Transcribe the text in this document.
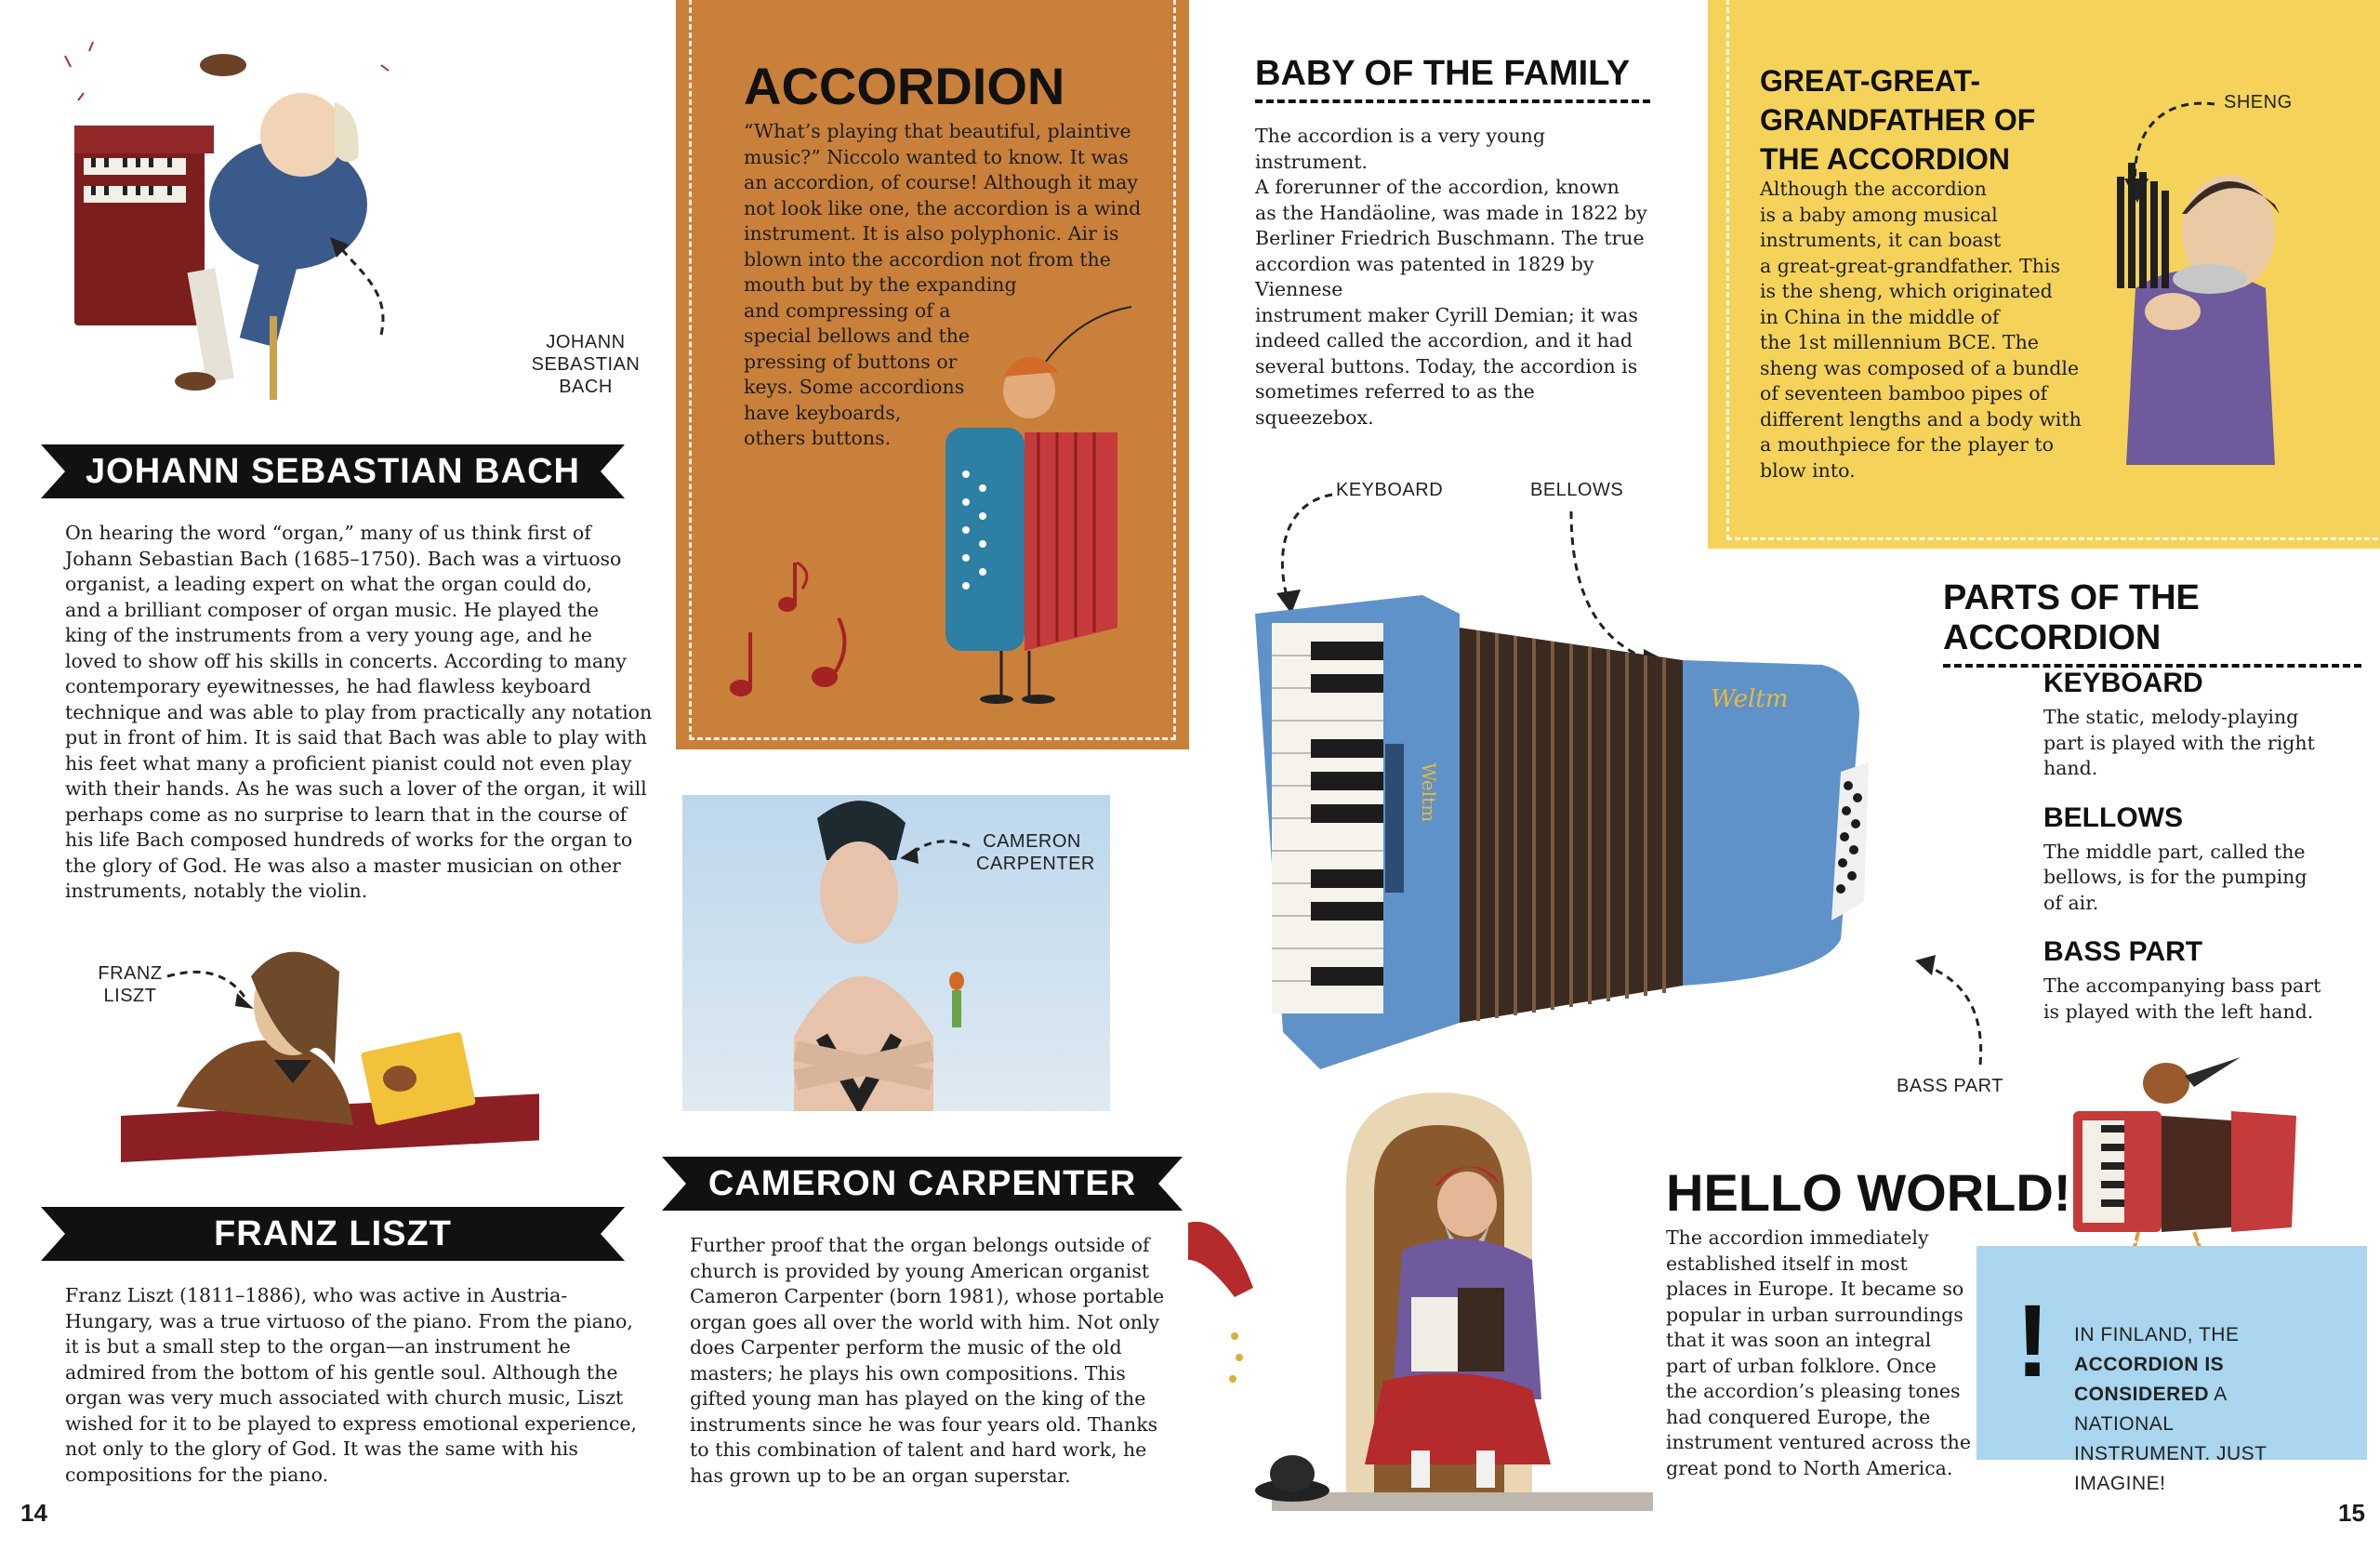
JOHANN
SEBASTIAN BACH
JOHANN SEBASTIAN BACH

On hearing the word “organ,” many of us think first of
Johann Sebastian Bach (1685–1750). Bach was a virtuoso
organist, a leading expert on what the organ could do,
and a brilliant composer of organ music. He played the
king of the instruments from a very young age, and he
loved to show off his skills in concerts. According to many
contemporary eyewitnesses, he had flawless keyboard
technique and was able to play from practically any notation
put in front of him. It is said that Bach was able to play with
his feet what many a proficient pianist could not even play
with their hands. As he was such a lover of the organ, it will
perhaps come as no surprise to learn that in the course of
his life Bach composed hundreds of works for the organ to
the glory of God. He was also a master musician on other
instruments, notably the violin.

FRANZ
LISZT
FRANZ LISZT

Franz Liszt (1811–1886), who was active in Austria-
Hungary, was a true virtuoso of the piano. From the piano,
it is but a small step to the organ—an instrument he
admired from the bottom of his gentle soul. Although the
organ was very much associated with church music, Liszt
wished for it to be played to express emotional experience,
not only to the glory of God. It was the same with his
compositions for the piano.

14
ACCORDION

“What’s playing that beautiful, plaintive
music?” Niccolo wanted to know. It was
an accordion, of course! Although it may
not look like one, the accordion is a wind
instrument. It is also polyphonic. Air is
blown into the accordion not from the
mouth but by the expanding
and compressing of a
special bellows and the
pressing of buttons or
keys. Some accordions
have keyboards,
others buttons.

CAMERON
CARPENTER
CAMERON CARPENTER

Further proof that the organ belongs outside of
church is provided by young American organist
Cameron Carpenter (born 1981), whose portable
organ goes all over the world with him. Not only
does Carpenter perform the music of the old
masters; he plays his own compositions. This
gifted young man has played on the king of the
instruments since he was four years old. Thanks
to this combination of talent and hard work, he
has grown up to be an organ superstar.

BABY OF THE FAMILY

The accordion is a very young instrument.
A forerunner of the accordion, known
as the Handäoline, was made in 1822 by
Berliner Friedrich Buschmann. The true
accordion was patented in 1829 by Viennese
instrument maker Cyrill Demian; it was
indeed called the accordion, and it had
several buttons. Today, the accordion is
sometimes referred to as the squeezebox.

GREAT-GREAT-
GRANDFATHER OF
THE ACCORDION

Although the accordion
is a baby among musical
instruments, it can boast
a great-great-grandfather. This
is the sheng, which originated
in China in the middle of
the 1st millennium BCE. The
sheng was composed of a bundle
of seventeen bamboo pipes of
different lengths and a body with
a mouthpiece for the player to
blow into.

SHENG
KEYBOARD	BELLOWS
Weltm
Weltm
BASS PART
PARTS OF THE ACCORDION
KEYBOARD

The static, melody-playing
part is played with the right
hand.

BELLOWS

The middle part, called the
bellows, is for the pumping
of air.

BASS PART

The accompanying bass part
is played with the left hand.

HELLO WORLD!

The accordion immediately
established itself in most
places in Europe. It became so
popular in urban surroundings
that it was soon an integral
part of urban folklore. Once
the accordion’s pleasing tones
had conquered Europe, the
instrument ventured across the
great pond to North America.

! IN FINLAND, THE ACCORDION IS CONSIDERED A NATIONAL INSTRUMENT. JUST IMAGINE!
15
